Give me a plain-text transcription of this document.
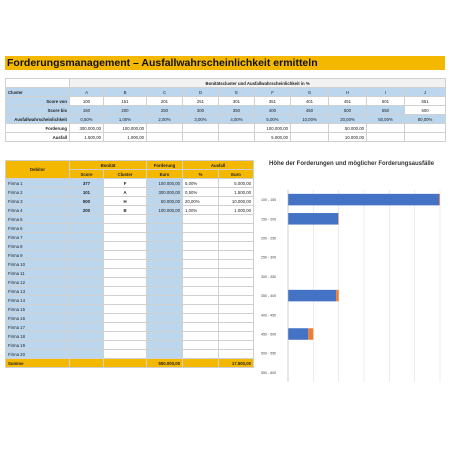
Forderungsmanagement – Ausfallwahrscheinlichkeit ermitteln
	Bonitätscluster und Ausfallwahrscheinlichkeit in %									
Cluster	A	B	C	D	E	F	G	H	I	J
Score von	100	151	201	251	301	351	401	451	501	551
Score bis	150	200	250	300	350	400	450	500	550	600
Ausfallwahrscheinlichkeit	0,50%	1,00%	2,00%	3,00%	4,00%	5,00%	10,00%	20,00%	50,00%	80,00%
Forderung	300.000,00	100.000,00				100.000,00		50.000,00		
Ausfall	1.500,00	1.000,00				5.000,00		10.000,00		
Debitor	Bonität		Forderung	Ausfall	
	Score	Cluster	Euro	%	Euro
Firma 1	377	F	100.000,00	5,00%	5.000,00
Firma 2	101	A	300.000,00	0,50%	1.500,00
Firma 3	500	H	50.000,00	20,00%	10.000,00
Firma 4	200	B	100.000,00	1,00%	1.000,00
Firma 5					
Firma 6					
Firma 7					
Firma 8					
Firma 9					
Firma 10					
Firma 11					
Firma 12					
Firma 13					
Firma 14					
Firma 15					
Firma 16					
Firma 17					
Firma 18					
Firma 19					
Firma 20					
Summe			550.000,00		17.500,00
Höhe der Forderungen und möglicher Forderungsausfälle
100 - 150
150 - 200
200 - 250
250 - 300
300 - 350
350 - 400
400 - 450
450 - 500
500 - 550
550 - 600
